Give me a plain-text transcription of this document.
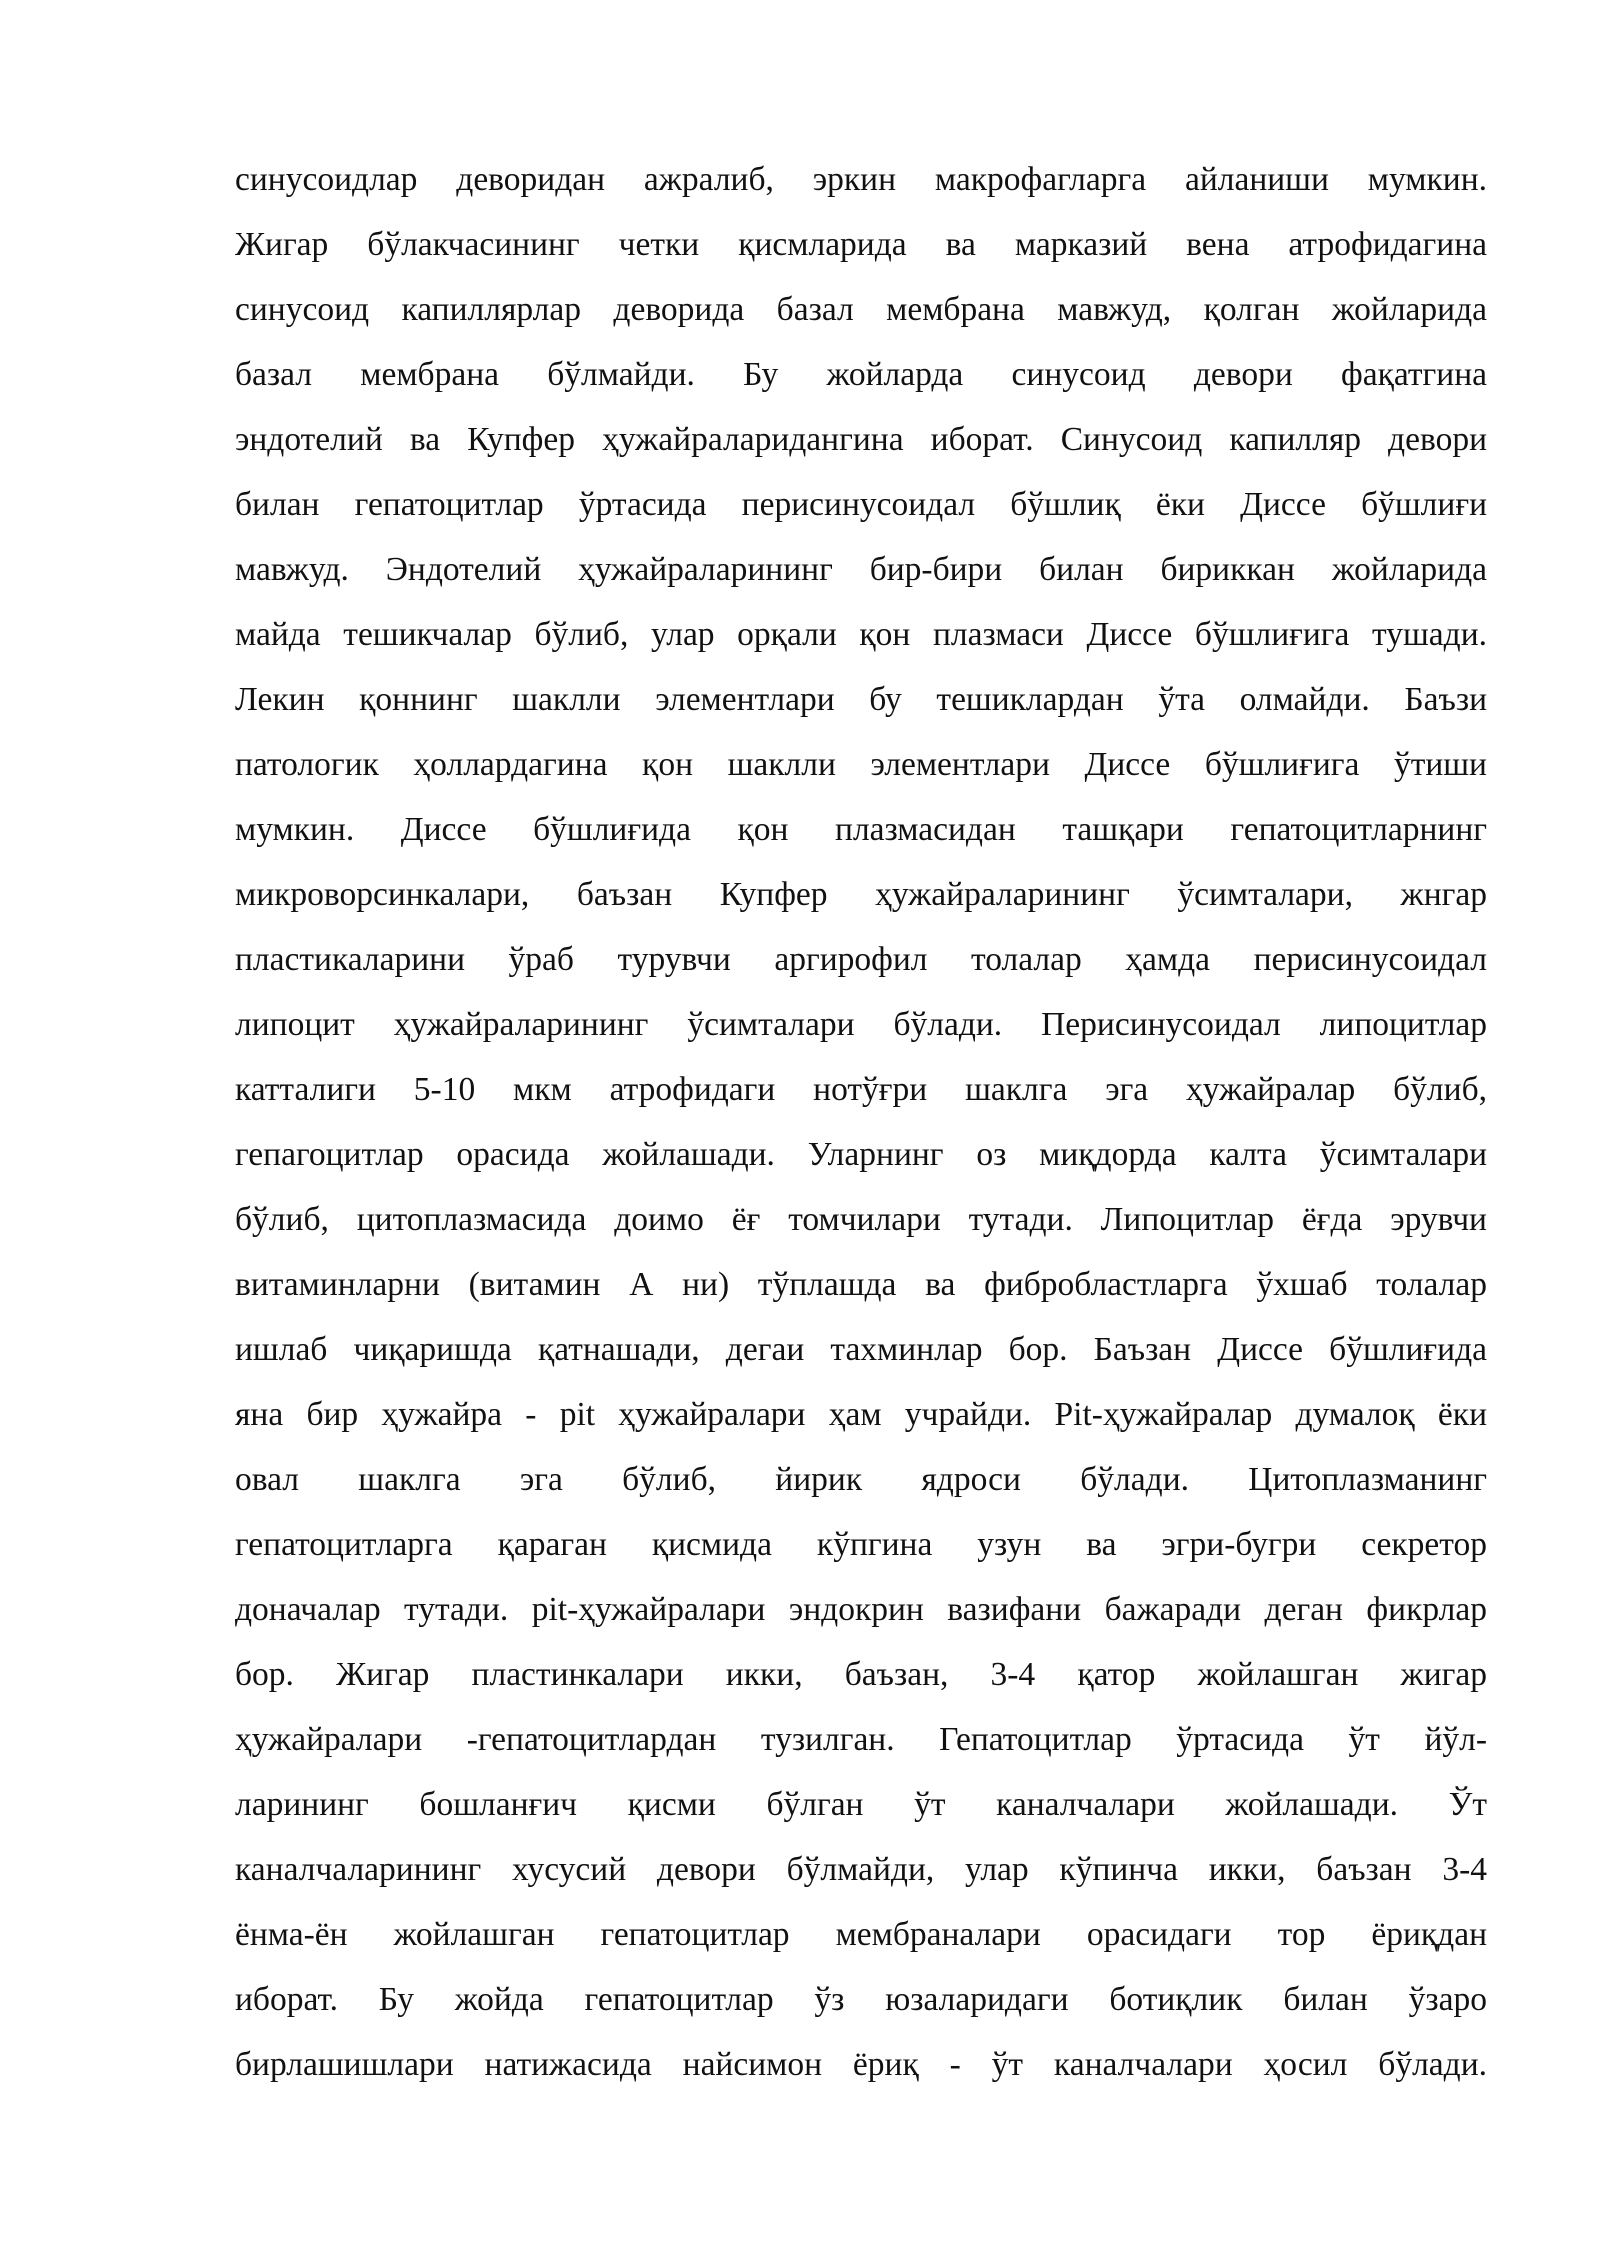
синусоидлар деворидан ажралиб, эркин макрофагларга айланиши мумкин.
Жигар бўлакчасининг четки қисмларида ва марказий вена атрофидагина
синусоид капиллярлар деворида базал мембрана мавжуд, қолган жойларида
базал мембрана бўлмайди. Бу жойларда синусоид девори фақатгина
эндотелий ва Купфер ҳужайраларидангина иборат. Синусоид капилляр девори
билан гепатоцитлар ўртасида перисинусоидал бўшлиқ ёки Диссе бўшлиғи
мавжуд. Эндотелий ҳужайраларининг бир-бири билан бириккан жойларида
майда тешикчалар бўлиб, улар орқали қон плазмаси Диссе бўшлиғига тушади.
Лекин қоннинг шаклли элементлари бу тешиклардан ўта олмайди. Баъзи
патологик ҳоллардагина қон шаклли элементлари Диссе бўшлиғига ўтиши
мумкин. Диссе бўшлиғида қон плазмасидан ташқари гепатоцитларнинг
микроворсинкалари, баъзан Купфер ҳужайраларининг ўсимталари, жнгар
пластикаларини ўраб турувчи аргирофил толалар ҳамда перисинусоидал
липоцит ҳужайраларининг ўсимталари бўлади. Перисинусоидал липоцитлар
катталиги 5-10 мкм атрофидаги нотўғри шаклга эга ҳужайралар бўлиб,
гепагоцитлар орасида жойлашади. Уларнинг оз миқдорда калта ўсимталари
бўлиб, цитоплазмасида доимо ёғ томчилари тутади. Липоцитлар ёғда эрувчи
витаминларни (витамин А ни) тўплашда ва фибробластларга ўхшаб толалар
ишлаб чиқаришда қатнашади, дегаи тахминлар бор. Баъзан Диссе бўшлиғида
яна бир ҳужайра - pit ҳужайралари ҳам учрайди. Pit-ҳужайралар думалоқ ёки
овал шаклга эга бўлиб, йирик ядроси бўлади. Цитоплазманинг
гепатоцитларга қараган қисмида кўпгина узун ва эгри-бугри секретор
доначалар тутади. pit-ҳужайралари эндокрин вазифани бажаради деган фикрлар
бор. Жигар пластинкалари икки, баъзан, 3-4 қатор жойлашган жигар
ҳужайралари -гепатоцитлардан тузилган. Гепатоцитлар ўртасида ўт йўл-
ларининг бошланғич қисми бўлган ўт каналчалари жойлашади. Ўт
каналчаларининг хусусий девори бўлмайди, улар кўпинча икки, баъзан 3-4
ёнма-ён жойлашган гепатоцитлар мембраналари орасидаги тор ёриқдан
иборат. Бу жойда гепатоцитлар ўз юзаларидаги ботиқлик билан ўзаро
бирлашишлари натижасида найсимон ёриқ - ўт каналчалари ҳосил бўлади.
